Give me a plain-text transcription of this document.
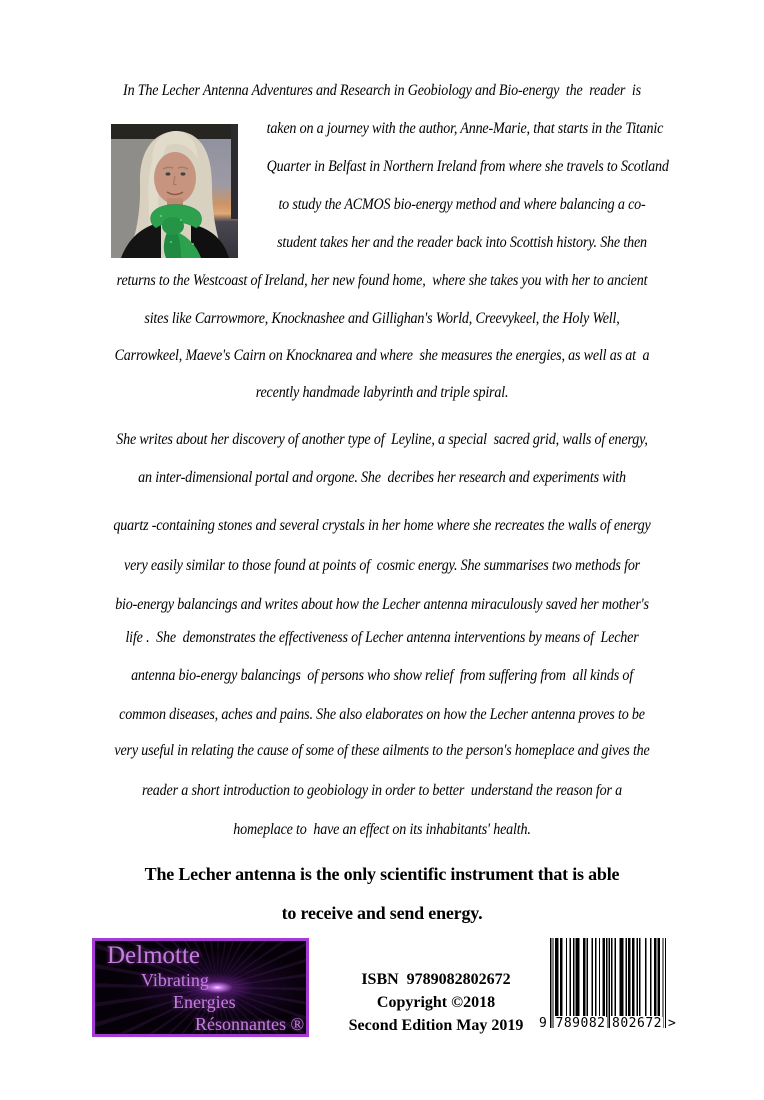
In The Lecher Antenna Adventures and Research in Geobiology and Bio-energy  the  reader  is
taken on a journey with the author, Anne-Marie, that starts in the Titanic
Quarter in Belfast in Northern Ireland from where she travels to Scotland
to study the ACMOS bio-energy method and where balancing a co-
student takes her and the reader back into Scottish history. She then
returns to the Westcoast of Ireland, her new found home,  where she takes you with her to ancient
sites like Carrowmore, Knocknashee and Gillighan's World, Creevykeel, the Holy Well,
Carrowkeel, Maeve's Cairn on Knocknarea and where  she measures the energies, as well as at  a
recently handmade labyrinth and triple spiral.
She writes about her discovery of another type of  Leyline, a special  sacred grid, walls of energy,
an inter-dimensional portal and orgone. She  decribes her research and experiments with
quartz -containing stones and several crystals in her home where she recreates the walls of energy
very easily similar to those found at points of  cosmic energy. She summarises two methods for
bio-energy balancings and writes about how the Lecher antenna miraculously saved her mother's
life .  She  demonstrates the effectiveness of Lecher antenna interventions by means of  Lecher
antenna bio-energy balancings  of persons who show relief  from suffering from  all kinds of
common diseases, aches and pains. She also elaborates on how the Lecher antenna proves to be
very useful in relating the cause of some of these ailments to the person's homeplace and gives the
reader a short introduction to geobiology in order to better  understand the reason for a
homeplace to  have an effect on its inhabitants' health.
The Lecher antenna is the only scientific instrument that is able
to receive and send energy.
Delmotte
Vibrating
Energies
Résonnantes ®
ISBN  9789082802672
Copyright ©2018
Second Edition May 2019	9 789082 802672 >
